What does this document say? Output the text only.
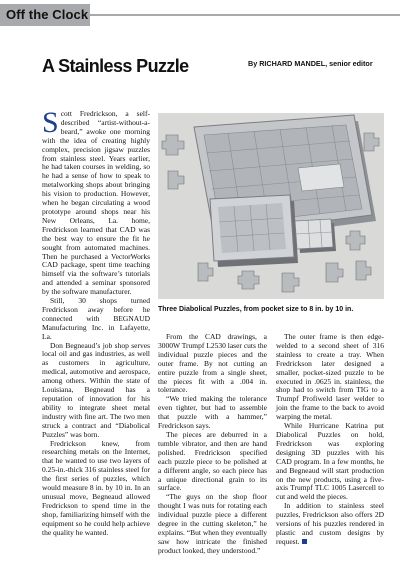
Off the Clock
A Stainless Puzzle	By RICHARD MANDEL, senior editor

Scott Fredrickson, a self-described “artist-without-a-beard,” awoke one morning with the idea of creating highly complex, precision jigsaw puzzles from stainless steel. Years earlier, he had taken courses in welding, so he had a sense of how to speak to metalworking shops about bringing his vision to production. However, when he began circulating a wood prototype around shops near his New Orleans, La. home, Fredrickson learned that CAD was the best way to ensure the fit he sought from automated machines. Then he purchased a VectorWorks CAD package, spent time teaching himself via the software’s tutorials and attended a seminar sponsored by the software manufacturer.

Still, 30 shops turned Fredrickson away before he connected with BEGNAUD Manufacturing Inc. in Lafayette, La.

Don Begneaud’s job shop serves local oil and gas industries, as well as customers in agriculture, medical, automotive and aerospace, among others. Within the state of Louisiana, Begneaud has a reputation of innovation for his ability to integrate sheet metal industry with fine art. The two men struck a contract and “Diabolical Puzzles” was born.

Fredrickson knew, from researching metals on the Internet, that he wanted to use two layers of 0.25-in.-thick 316 stainless steel for the first series of puzzles, which would measure 8 in. by 10 in. In an unusual move, Begneaud allowed Fredrickson to spend time in the shop, familiarizing himself with the equipment so he could help achieve the quality he wanted.

Three Diabolical Puzzles, from pocket size to 8 in. by 10 in.

From the CAD drawings, a 3000W Trumpf L2530 laser cuts the individual puzzle pieces and the outer frame. By not cutting an entire puzzle from a single sheet, the pieces fit with a .004 in. tolerance.

“We tried making the tolerance even tighter, but had to assemble that puzzle with a hammer,” Fredrickson says.

The pieces are deburred in a tumble vibrator, and then are hand polished. Fredrickson specified each puzzle piece to be polished at a different angle, so each piece has a unique directional grain to its surface.

“The guys on the shop floor thought I was nuts for rotating each individual puzzle piece a different degree in the cutting skeleton,” he explains. “But when they eventually saw how intricate the finished product looked, they understood.”

The outer frame is then edge-welded to a second sheet of 316 stainless to create a tray. When Fredrickson later designed a smaller, pocket-sized puzzle to be executed in .0625 in. stainless, the shop had to switch from TIG to a Trumpf Profiweld laser welder to join the frame to the back to avoid warping the metal.

While Hurricane Katrina put Diabolical Puzzles on hold, Fredrickson was exploring designing 3D puzzles with his CAD program. In a few months, he and Begneaud will start production on the new products, using a five-axis Trumpf TLC 1005 Lasercell to cut and weld the pieces.

In addition to stainless steel puzzles, Fredrickson also offers 2D versions of his puzzles rendered in plastic and custom designs by request.
